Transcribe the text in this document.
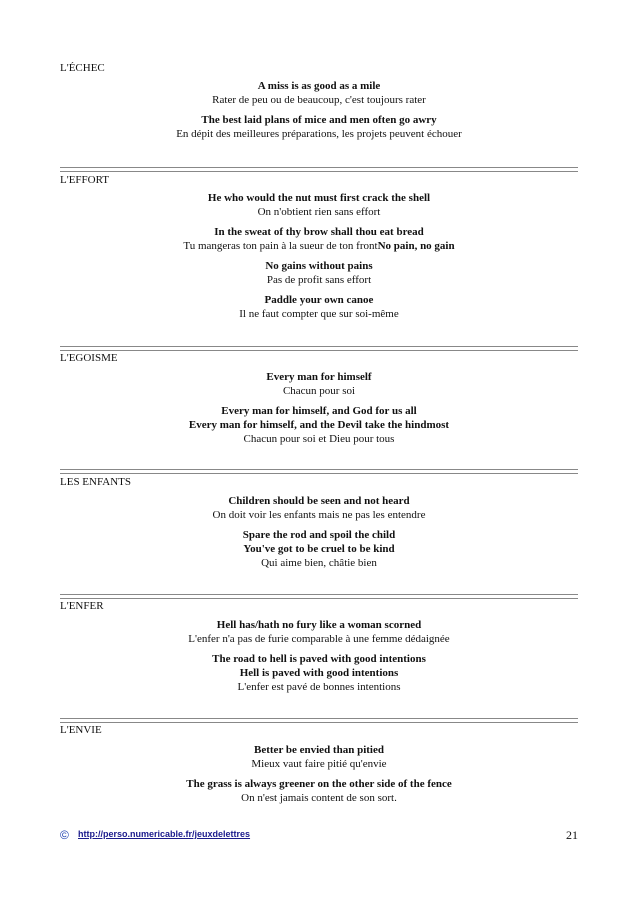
L'ÉCHEC
A miss is as good as a mile
Rater de peu ou de beaucoup, c'est toujours rater
The best laid plans of mice and men often go awry
En dépit des meilleures préparations, les projets peuvent échouer
L'EFFORT
He who would the nut must first crack the shell
On n'obtient rien sans effort
In the sweat of thy brow shall thou eat bread
Tu mangeras ton pain à la sueur de ton frontNo pain, no gain
No gains without pains
Pas de profit sans effort
Paddle your own canoe
Il ne faut compter que sur soi-même
L'EGOISME
Every man for himself
Chacun pour soi
Every man for himself, and God for us all
Every man for himself, and the Devil take the hindmost
Chacun pour soi et Dieu pour tous
LES ENFANTS
Children should be seen and not heard
On doit voir les enfants mais ne pas les entendre
Spare the rod and spoil the child
You've got to be cruel to be kind
Qui aime bien, châtie bien
L'ENFER
Hell has/hath no fury like a woman scorned
L'enfer n'a pas de furie comparable à une femme dédaignée
The road to hell is paved with good intentions
Hell is paved with good intentions
L'enfer est pavé de bonnes intentions
L'ENVIE
Better be envied than pitied
Mieux vaut faire pitié qu'envie
The grass is always greener on the other side of the fence
On n'est jamais content de son sort.
© http://perso.numericable.fr/jeuxdelettres	21
